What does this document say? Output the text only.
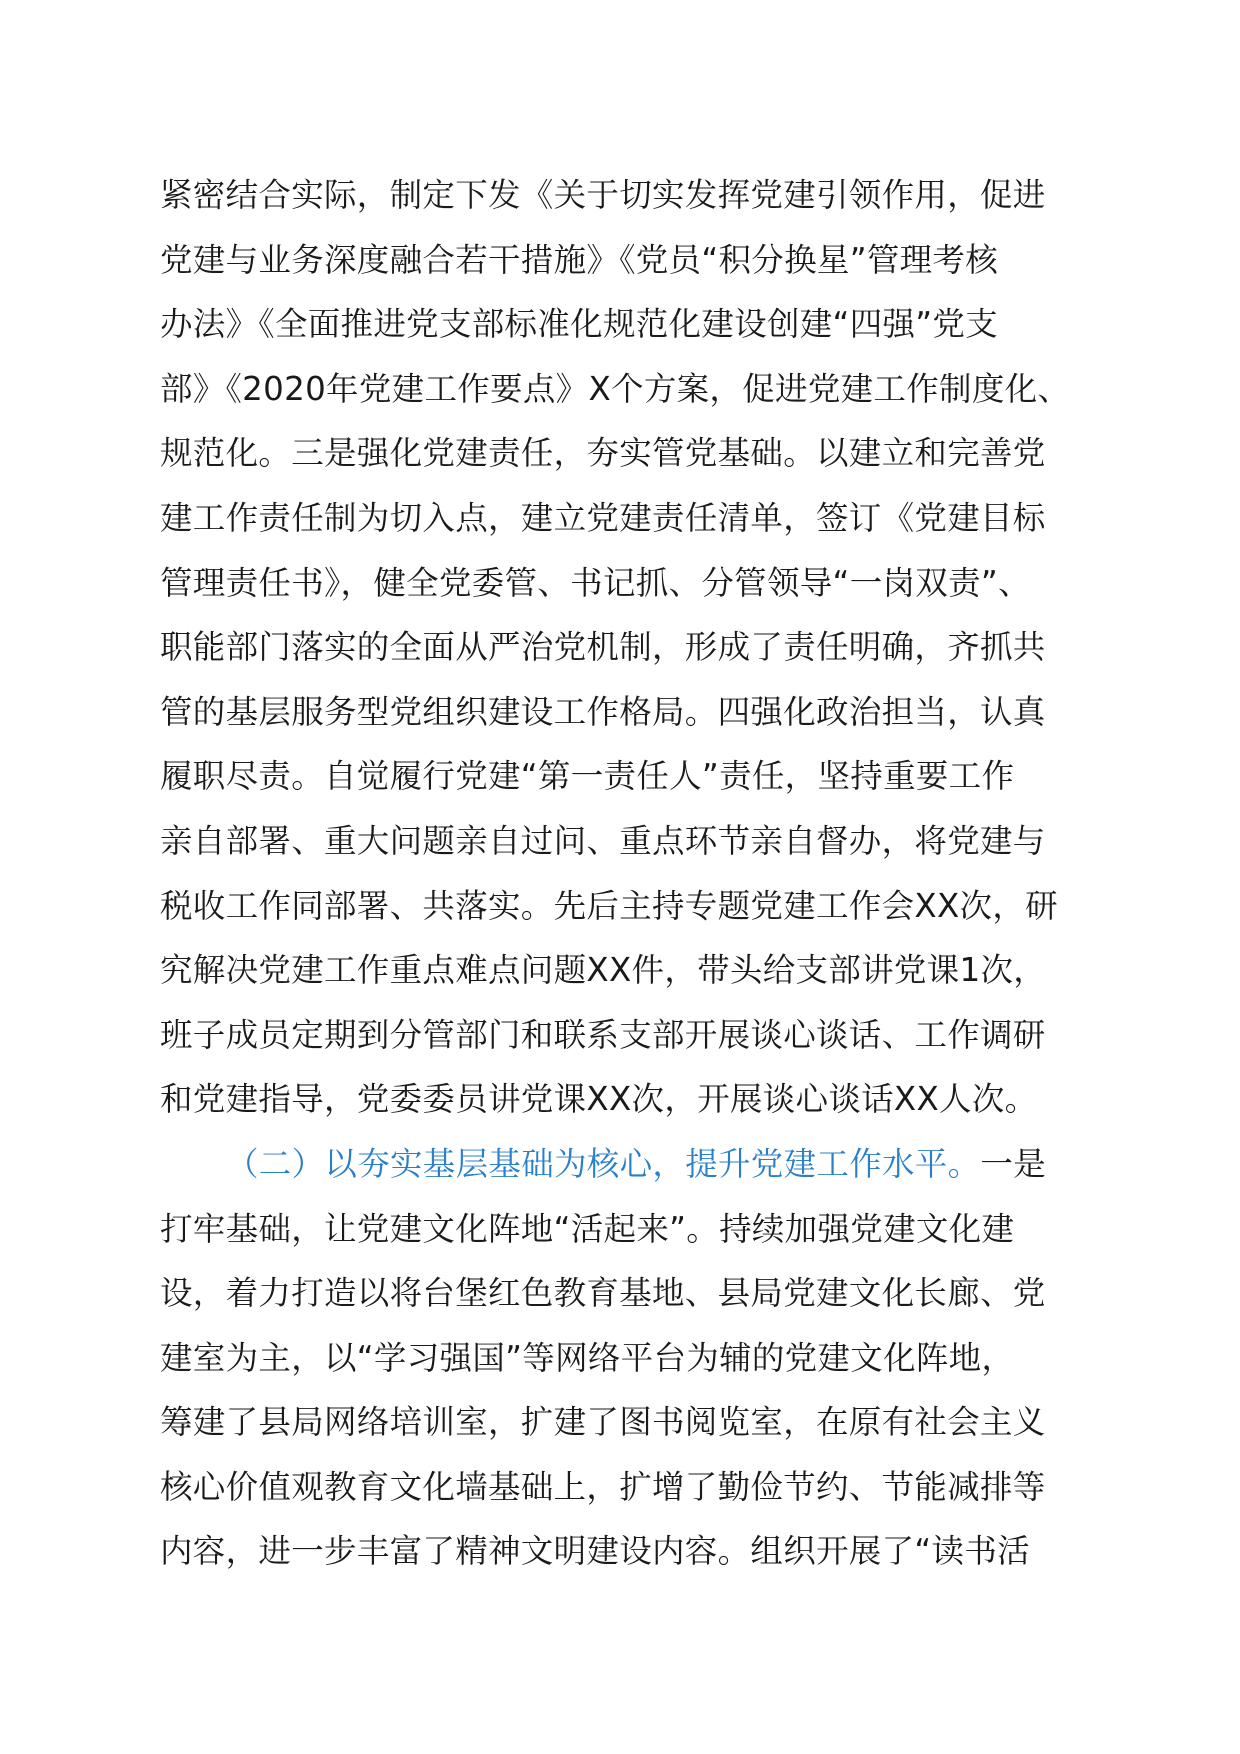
紧密结合实际，制定下发《关于切实发挥党建引领作用，促进
党建与业务深度融合若干措施》《党员“积分换星”管理考核
办法》《全面推进党支部标准化规范化建设创建“四强”党支
部》《2020年党建工作要点》X个方案，促进党建工作制度化、
规范化。三是强化党建责任，夯实管党基础。以建立和完善党
建工作责任制为切入点，建立党建责任清单，签订《党建目标
管理责任书》，健全党委管、书记抓、分管领导“一岗双责”、
职能部门落实的全面从严治党机制，形成了责任明确，齐抓共
管的基层服务型党组织建设工作格局。四强化政治担当，认真
履职尽责。自觉履行党建“第一责任人”责任，坚持重要工作
亲自部署、重大问题亲自过问、重点环节亲自督办，将党建与
税收工作同部署、共落实。先后主持专题党建工作会XX次，研
究解决党建工作重点难点问题XX件，带头给支部讲党课1次，
班子成员定期到分管部门和联系支部开展谈心谈话、工作调研
和党建指导，党委委员讲党课XX次，开展谈心谈话XX人次。
（二）以夯实基层基础为核心，提升党建工作水平。一是
打牢基础，让党建文化阵地“活起来”。持续加强党建文化建
设，着力打造以将台堡红色教育基地、县局党建文化长廊、党
建室为主，以“学习强国”等网络平台为辅的党建文化阵地，
筹建了县局网络培训室，扩建了图书阅览室，在原有社会主义
核心价值观教育文化墙基础上，扩增了勤俭节约、节能减排等
内容，进一步丰富了精神文明建设内容。组织开展了“读书活
